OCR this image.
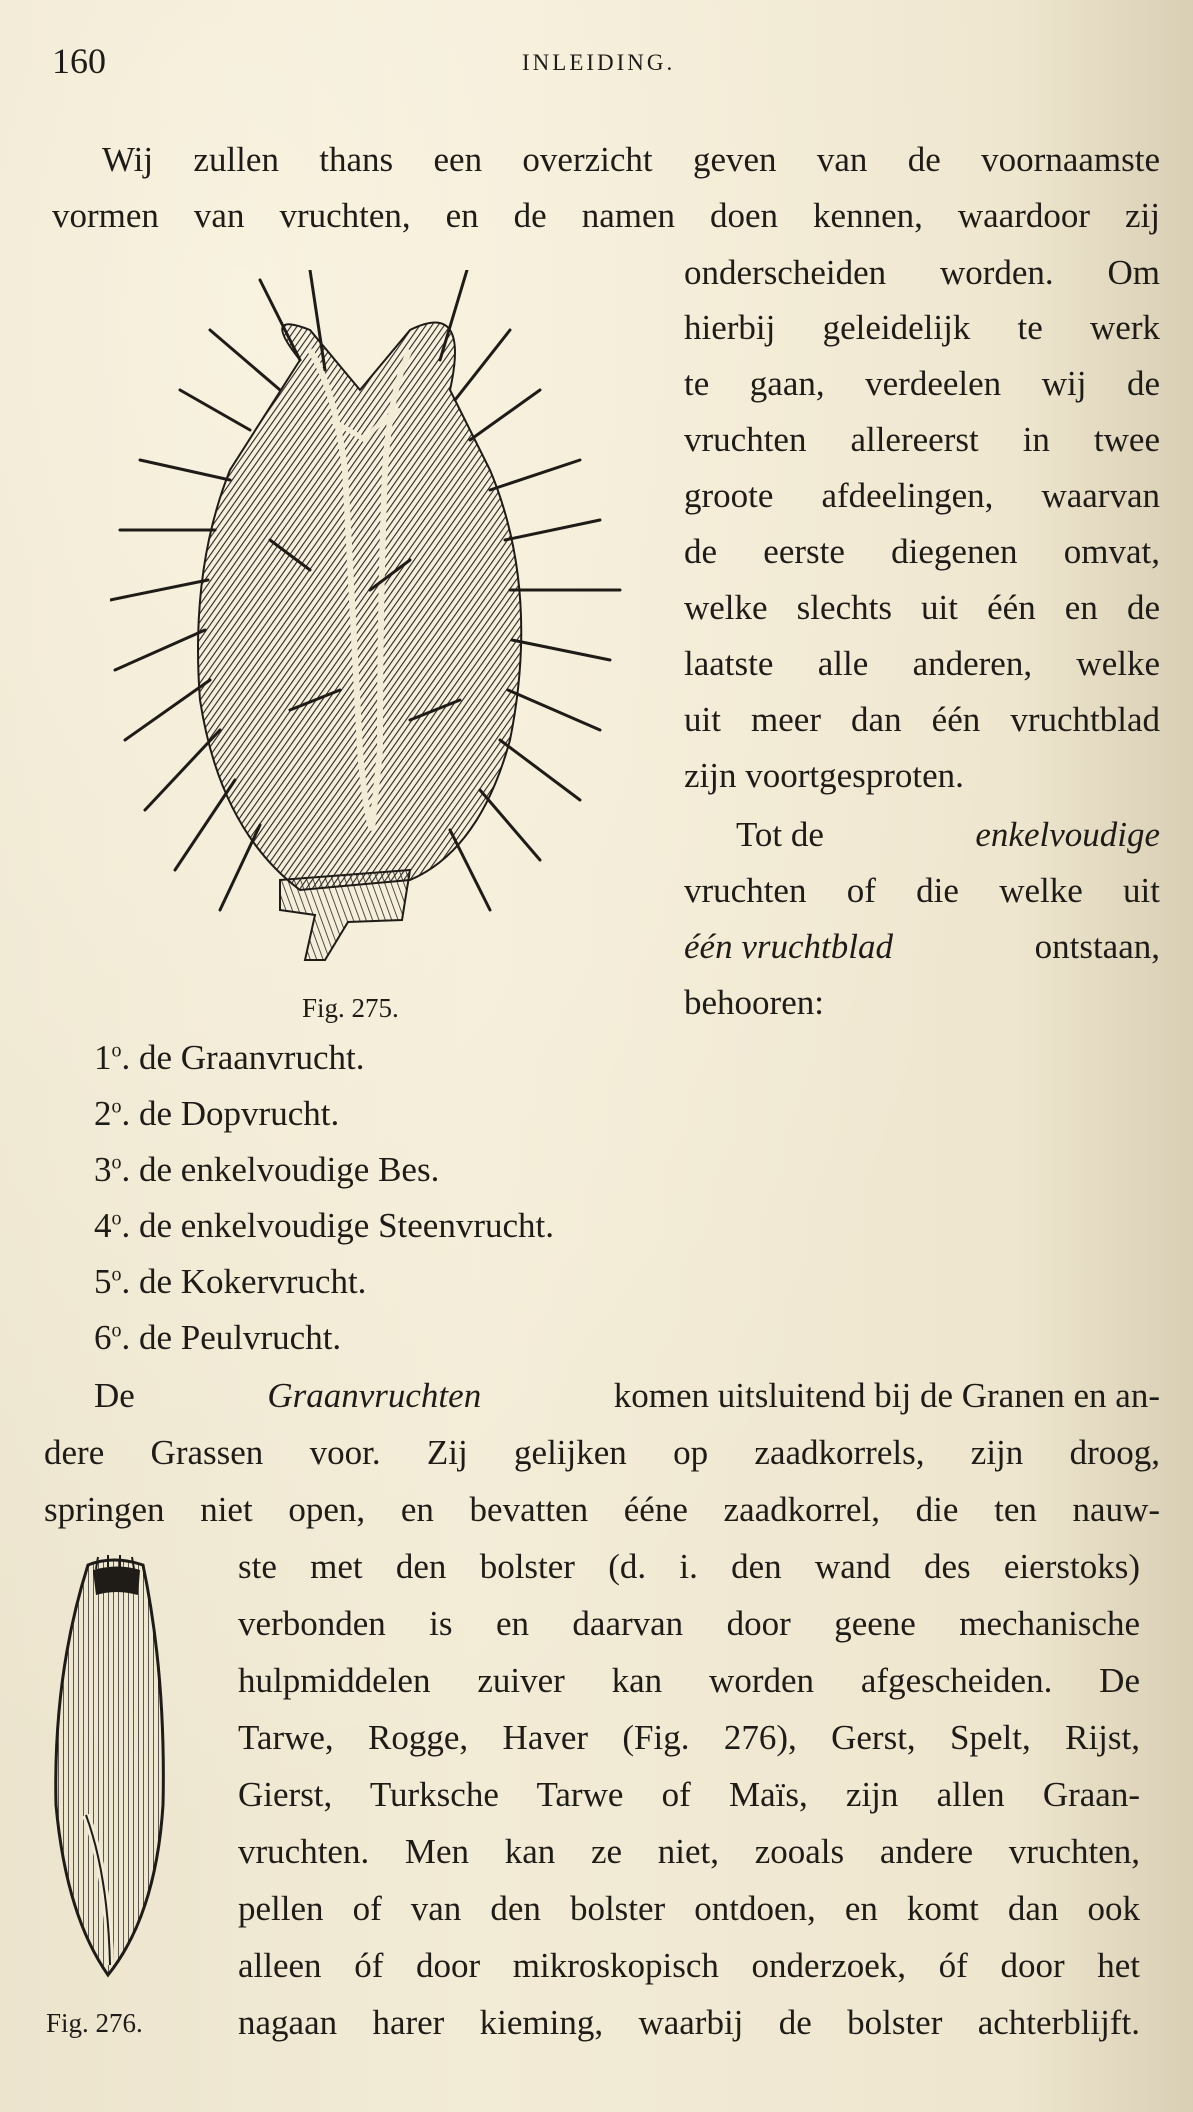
160	INLEIDING.
Wij zullen thans een overzicht geven van de voornaamste
vormen van vruchten, en de namen doen kennen, waardoor zij
onderscheiden worden. Om
hierbij geleidelijk te werk
te gaan, verdeelen wij de
vruchten allereerst in twee
groote afdeelingen, waarvan
de eerste diegenen omvat,
welke slechts uit één en de
laatste alle anderen, welke
uit meer dan één vruchtblad
zijn voortgesproten.
Tot de	enkelvoudige
vruchten of die welke uit
één vruchtblad	ontstaan,
behooren:
Fig. 275.
1$^o$. de Graanvrucht.
2$^o$. de Dopvrucht.
3$^o$. de enkelvoudige Bes.
4$^o$. de enkelvoudige Steenvrucht.
5$^o$. de Kokervrucht.
6$^o$. de Peulvrucht.
De	Graanvruchten	komen uitsluitend bij de Granen en an-
dere Grassen voor. Zij gelijken op zaadkorrels, zijn droog,
springen niet open, en bevatten ééne zaadkorrel, die ten nauw-
ste met den bolster (d. i. den wand des eierstoks)
verbonden is en daarvan door geene mechanische
hulpmiddelen zuiver kan worden afgescheiden. De
Tarwe, Rogge, Haver (Fig. 276), Gerst, Spelt, Rijst,
Gierst, Turksche Tarwe of Maïs, zijn allen Graan-
vruchten. Men kan ze niet, zooals andere vruchten,
pellen of van den bolster ontdoen, en komt dan ook
alleen óf door mikroskopisch onderzoek, óf door het
nagaan harer kieming, waarbij de bolster achterblijft.
Fig. 276.
